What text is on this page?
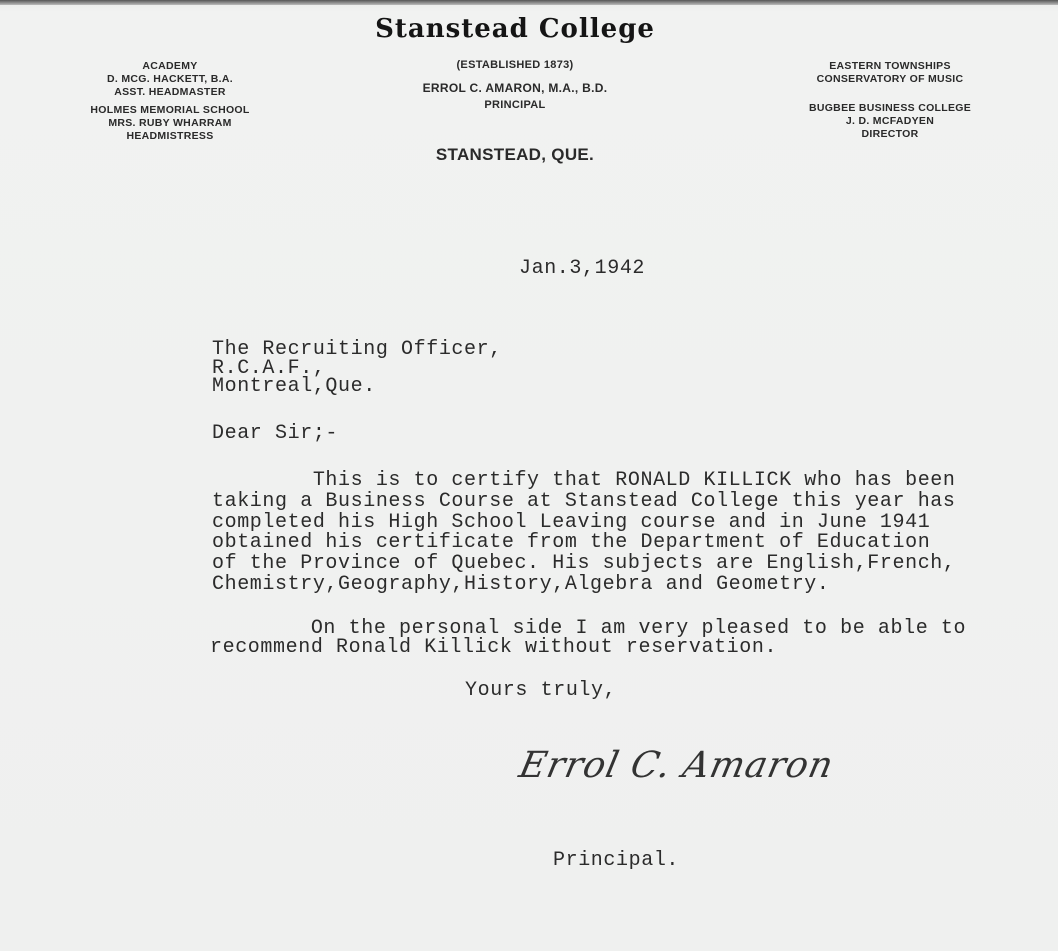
Stanstead College
ACADEMY
D. MCG. HACKETT, B.A.
ASST. HEADMASTER
HOLMES MEMORIAL SCHOOL
MRS. RUBY WHARRAM
HEADMISTRESS
(ESTABLISHED 1873)
ERROL C. AMARON, M.A., B.D.
PRINCIPAL
STANSTEAD, QUE.
EASTERN TOWNSHIPS
CONSERVATORY OF MUSIC
BUGBEE BUSINESS COLLEGE
J. D. MCFADYEN
DIRECTOR
Jan.3,1942
The Recruiting Officer,
R.C.A.F.,
Montreal,Que.
Dear Sir;-
This is to certify that RONALD KILLICK who has been
taking a Business Course at Stanstead College this year has
completed his High School Leaving course and in June 1941
obtained his certificate from the Department of Education
of the Province of Quebec. His subjects are English,French,
Chemistry,Geography,History,Algebra and Geometry.
On the personal side I am very pleased to be able to
recommend Ronald Killick without reservation.
Yours truly,
Errol C. Amaron
Principal.
